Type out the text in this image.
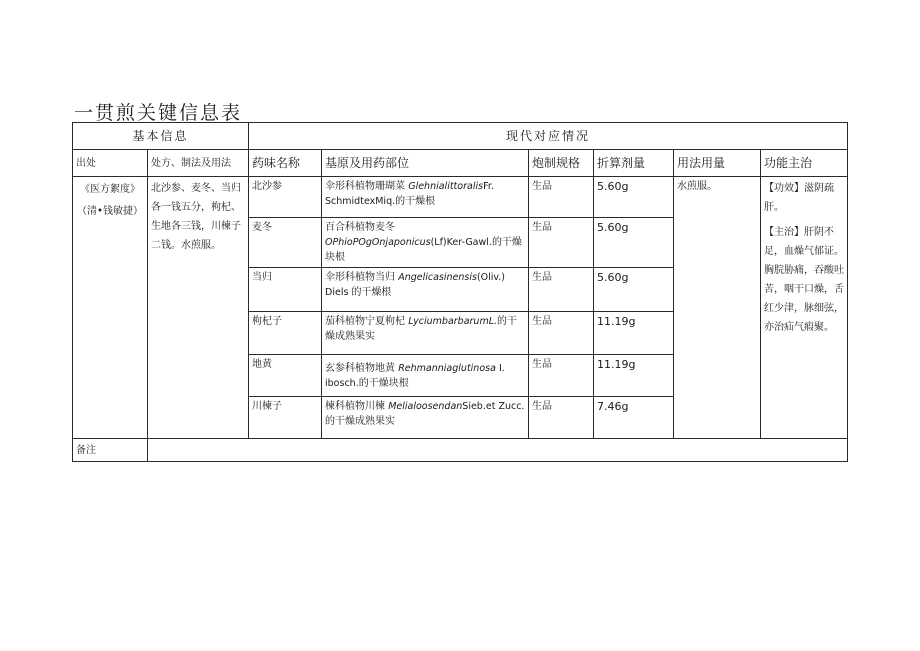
一贯煎关键信息表
基本信息		现代对应情况					
出处	处方、制法及用法	药味名称	基原及用药部位	炮制规格	折算剂量	用法用量	功能主治
《医方絮度》（清•钱敏捷）	北沙参、麦冬、当归各一钱五分，枸杞、生地各三钱，川楝子二钱。水煎服。	北沙参	伞形科植物珊瑚菜 GlehnialittoralisFr. SchmidtexMiq.的干燥根	生品	5.60g	水煎服。	【功效】滋阴疏肝。

【主治】肝阴不足，血燥气郁证。胸脘胁痛，吞酸吐苦，咽干口燥，舌红少津，脉细弦，亦治疝气瘕聚。
		麦冬	百合科植物麦冬 OPhioPOgOnjaponicus(Lf)Ker-Gawl.的干燥块根	生品	5.60g		
		当归	伞形科植物当归 Angelicasinensis(Oliv.) Diels 的干燥根	生品	5.60g		
		枸杞子	茄科植物宁夏枸杞 LyciumbarbarumL.的干燥成熟果实	生品	11.19g		
		地黄	玄参科植物地黄 Rehmanniaglutinosa I. ibosch.的干燥块根	生品	11.19g		
		川楝子	楝科植物川楝 MelialoosendanSieb.et Zucc.的干燥成熟果实	生品	7.46g		
备注							
